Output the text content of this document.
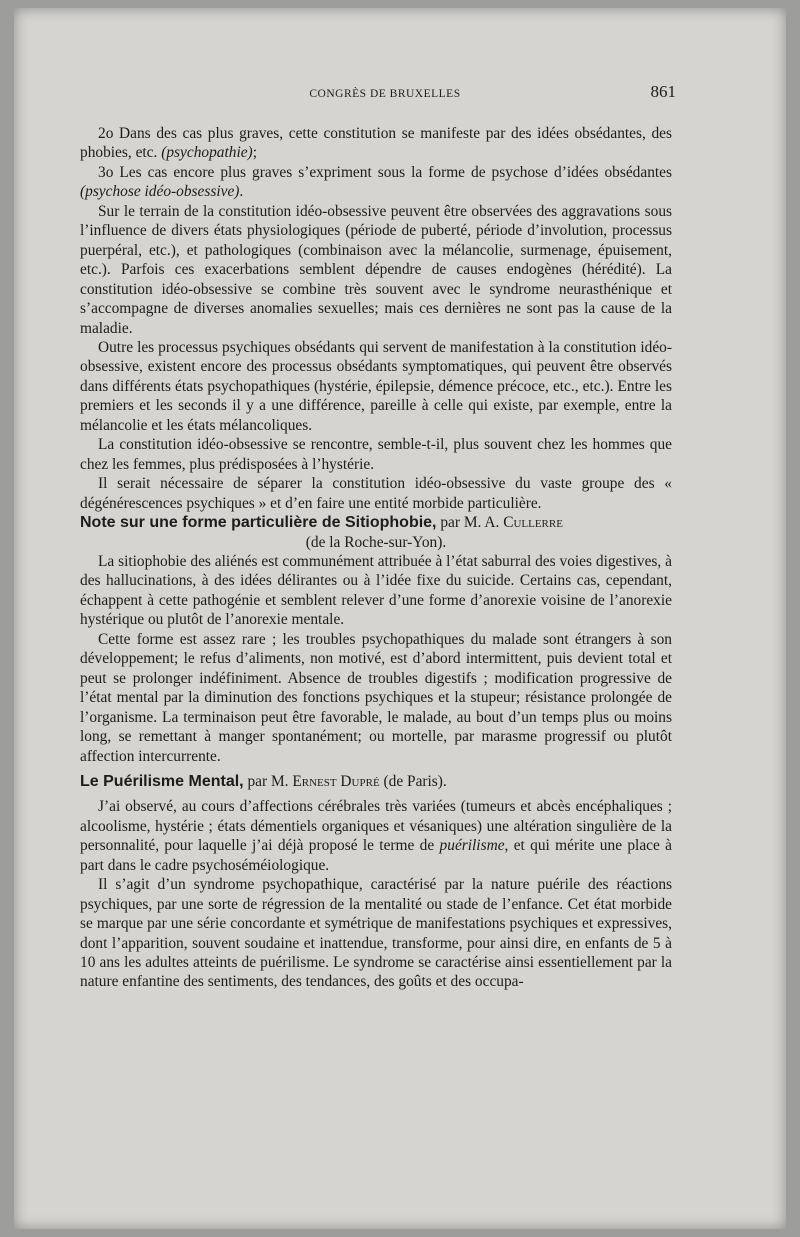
CONGRÈS DE BRUXELLES	861

2o Dans des cas plus graves, cette constitution se manifeste par des idées obsédantes, des phobies, etc. (psychopathie);

3o Les cas encore plus graves s’expriment sous la forme de psychose d’idées obsédantes (psychose idéo-obsessive).

Sur le terrain de la constitution idéo-obsessive peuvent être observées des aggravations sous l’influence de divers états physiologiques (période de puberté, période d’involution, processus puerpéral, etc.), et pathologiques (combinaison avec la mélancolie, surmenage, épuisement, etc.). Parfois ces exacerbations semblent dépendre de causes endogènes (hérédité). La constitution idéo-obsessive se combine très souvent avec le syndrome neurasthénique et s’accompagne de diverses anomalies sexuelles; mais ces dernières ne sont pas la cause de la maladie.

Outre les processus psychiques obsédants qui servent de manifestation à la constitution idéo-obsessive, existent encore des processus obsédants symptomatiques, qui peuvent être observés dans différents états psychopathiques (hystérie, épilepsie, démence précoce, etc., etc.). Entre les premiers et les seconds il y a une différence, pareille à celle qui existe, par exemple, entre la mélancolie et les états mélancoliques.

La constitution idéo-obsessive se rencontre, semble-t-il, plus souvent chez les hommes que chez les femmes, plus prédisposées à l’hystérie.

Il serait nécessaire de séparer la constitution idéo-obsessive du vaste groupe des « dégénérescences psychiques » et d’en faire une entité morbide particulière.

Note sur une forme particulière de Sitiophobie, par M. A. Cullerre

(de la Roche-sur-Yon).

La sitiophobie des aliénés est communément attribuée à l’état saburral des voies digestives, à des hallucinations, à des idées délirantes ou à l’idée fixe du suicide. Certains cas, cependant, échappent à cette pathogénie et semblent relever d’une forme d’anorexie voisine de l’anorexie hystérique ou plutôt de l’anorexie mentale.

Cette forme est assez rare ; les troubles psychopathiques du malade sont étrangers à son développement; le refus d’aliments, non motivé, est d’abord intermittent, puis devient total et peut se prolonger indéfiniment. Absence de troubles digestifs ; modification progressive de l’état mental par la diminution des fonctions psychiques et la stupeur; résistance prolongée de l’organisme. La terminaison peut être favorable, le malade, au bout d’un temps plus ou moins long, se remettant à manger spontanément; ou mortelle, par marasme progressif ou plutôt affection intercurrente.

Le Puérilisme Mental, par M. Ernest Dupré (de Paris).

J’ai observé, au cours d’affections cérébrales très variées (tumeurs et abcès encéphaliques ; alcoolisme, hystérie ; états démentiels organiques et vésaniques) une altération singulière de la personnalité, pour laquelle j’ai déjà proposé le terme de puérilisme, et qui mérite une place à part dans le cadre psychoséméiologique.

Il s’agit d’un syndrome psychopathique, caractérisé par la nature puérile des réactions psychiques, par une sorte de régression de la mentalité ou stade de l’enfance. Cet état morbide se marque par une série concordante et symétrique de manifestations psychiques et expressives, dont l’apparition, souvent soudaine et inattendue, transforme, pour ainsi dire, en enfants de 5 à 10 ans les adultes atteints de puérilisme. Le syndrome se caractérise ainsi essentiellement par la nature enfantine des sentiments, des tendances, des goûts et des occupa-
